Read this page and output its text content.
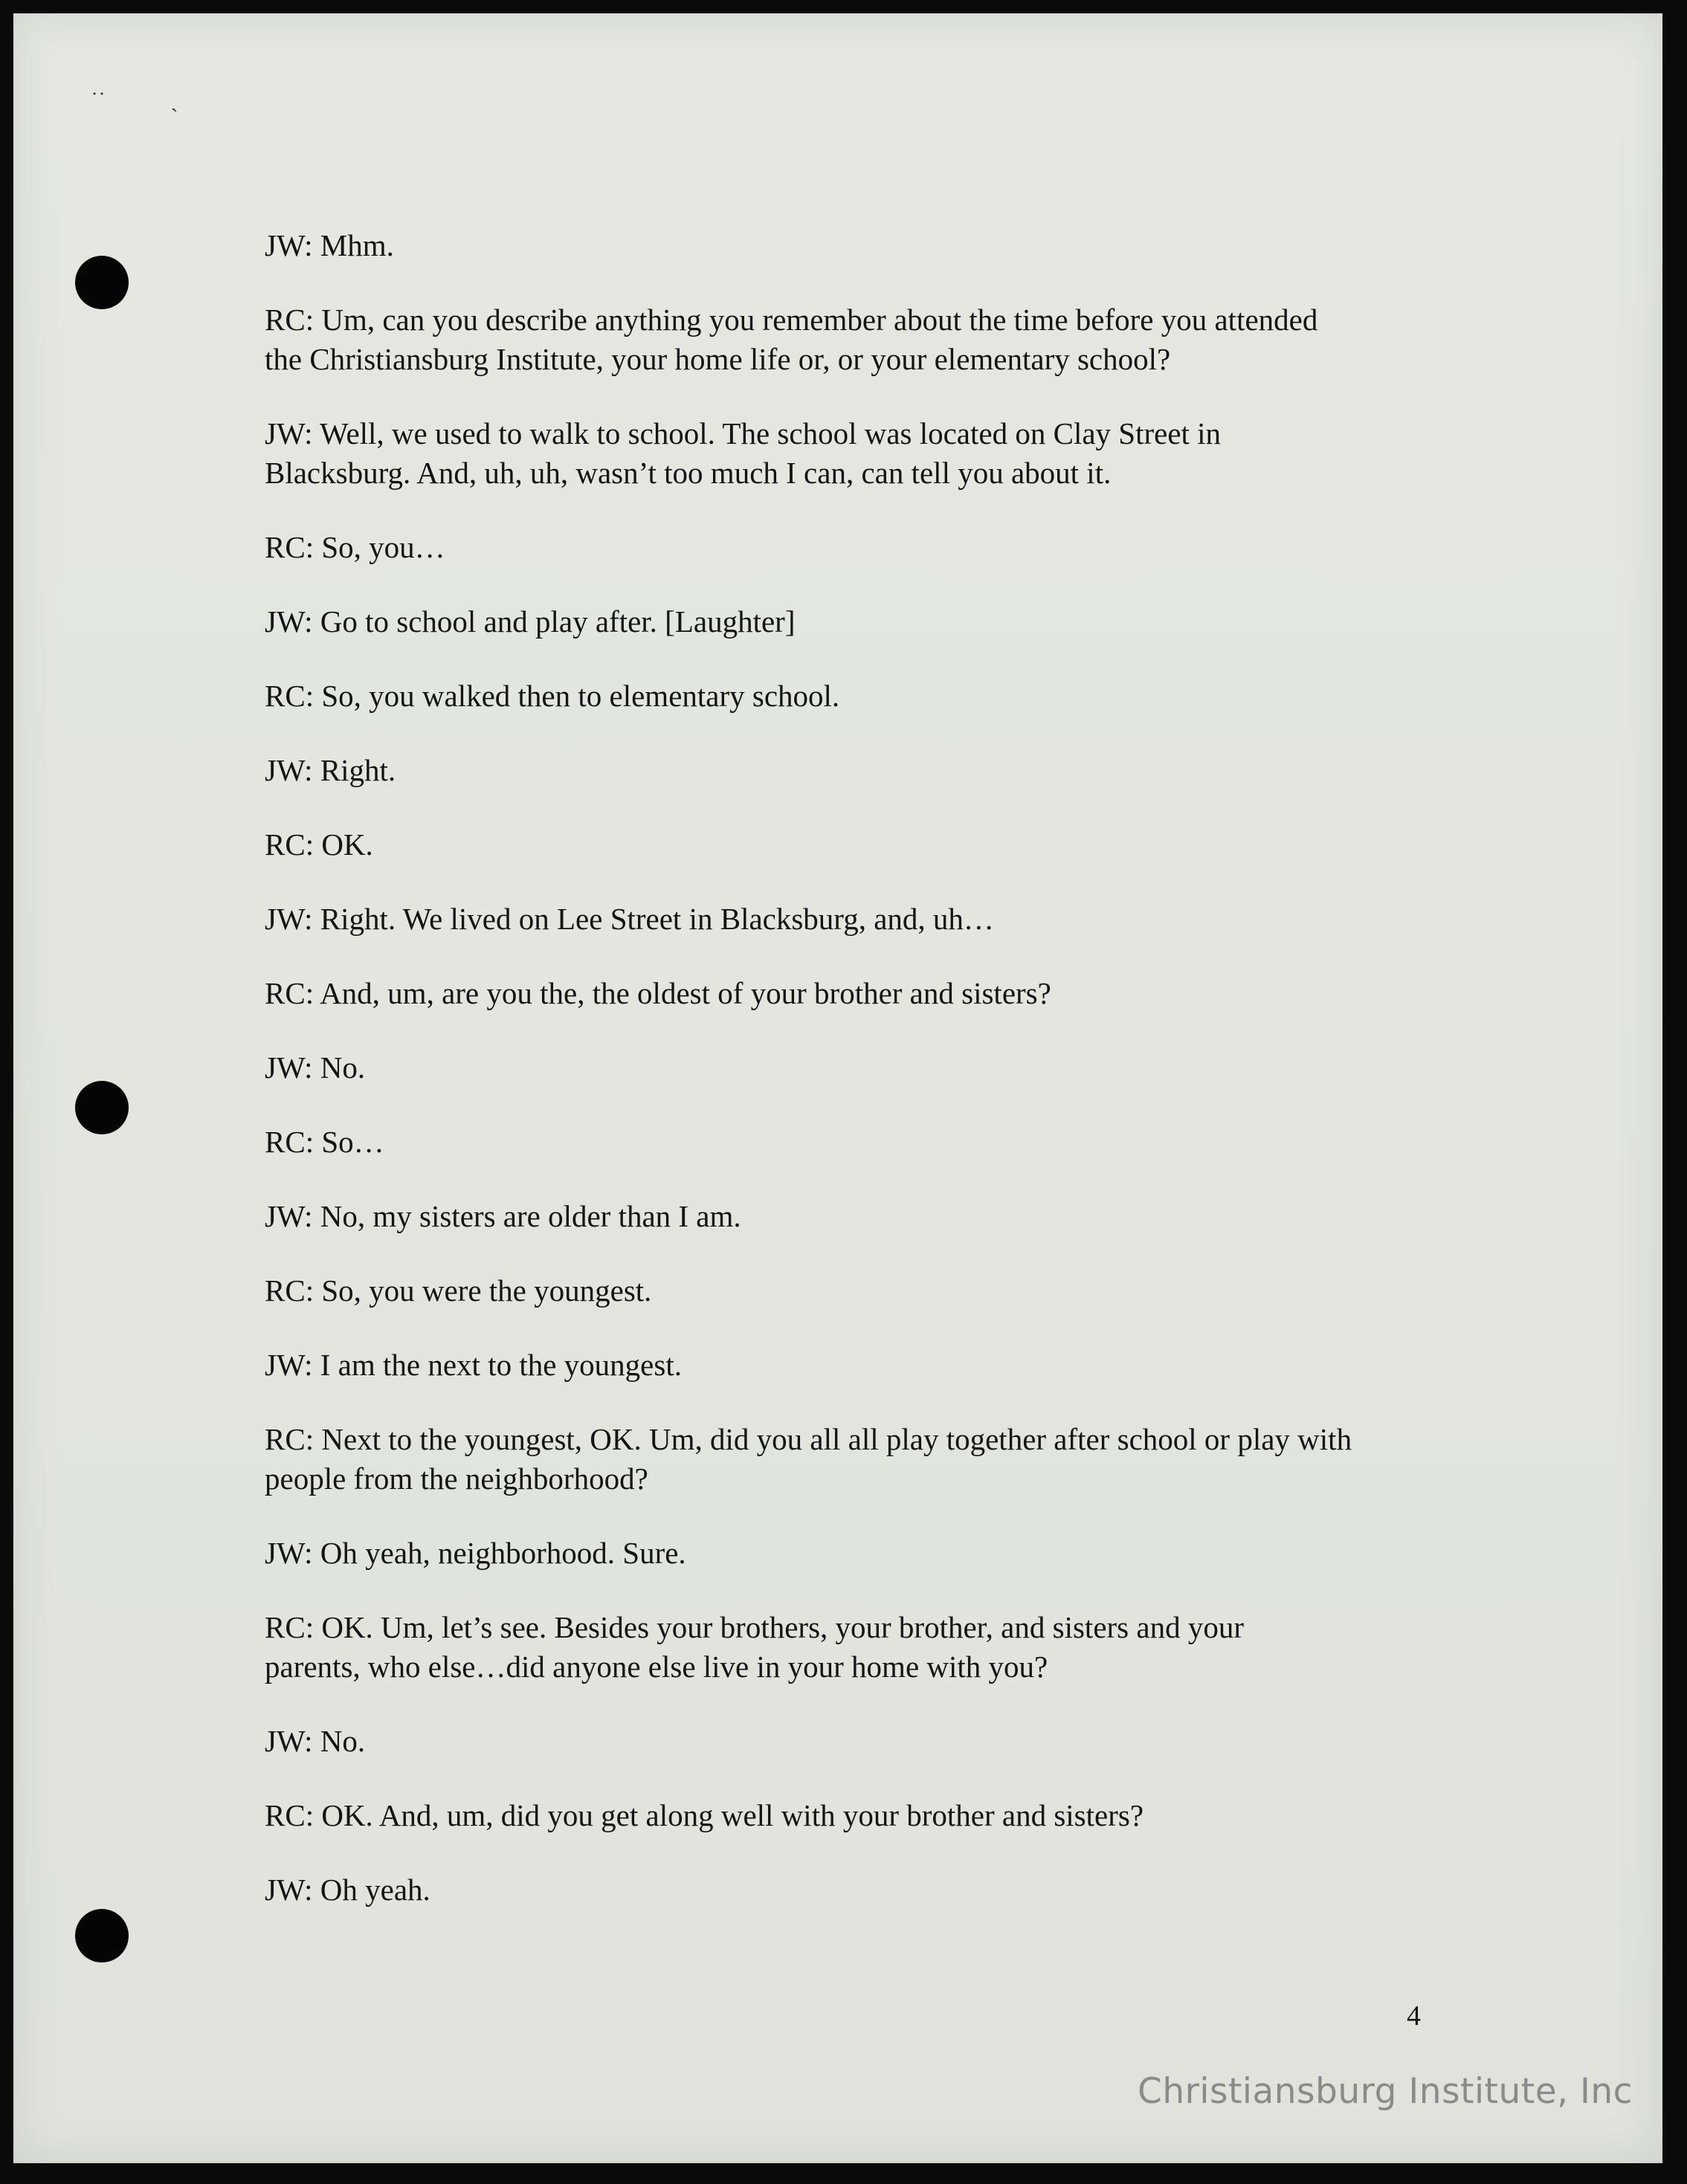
˙˙	ˎ

JW: Mhm.

RC: Um, can you describe anything you remember about the time before you attended
the Christiansburg Institute, your home life or, or your elementary school?

JW: Well, we used to walk to school. The school was located on Clay Street in
Blacksburg. And, uh, uh, wasn’t too much I can, can tell you about it.

RC: So, you…

JW: Go to school and play after. [Laughter]

RC: So, you walked then to elementary school.

JW: Right.

RC: OK.

JW: Right. We lived on Lee Street in Blacksburg, and, uh…

RC: And, um, are you the, the oldest of your brother and sisters?

JW: No.

RC: So…

JW: No, my sisters are older than I am.

RC: So, you were the youngest.

JW: I am the next to the youngest.

RC: Next to the youngest, OK. Um, did you all all play together after school or play with
people from the neighborhood?

JW: Oh yeah, neighborhood. Sure.

RC: OK. Um, let’s see. Besides your brothers, your brother, and sisters and your
parents, who else…did anyone else live in your home with you?

JW: No.

RC: OK. And, um, did you get along well with your brother and sisters?

JW: Oh yeah.

4
Christiansburg Institute, Inc
